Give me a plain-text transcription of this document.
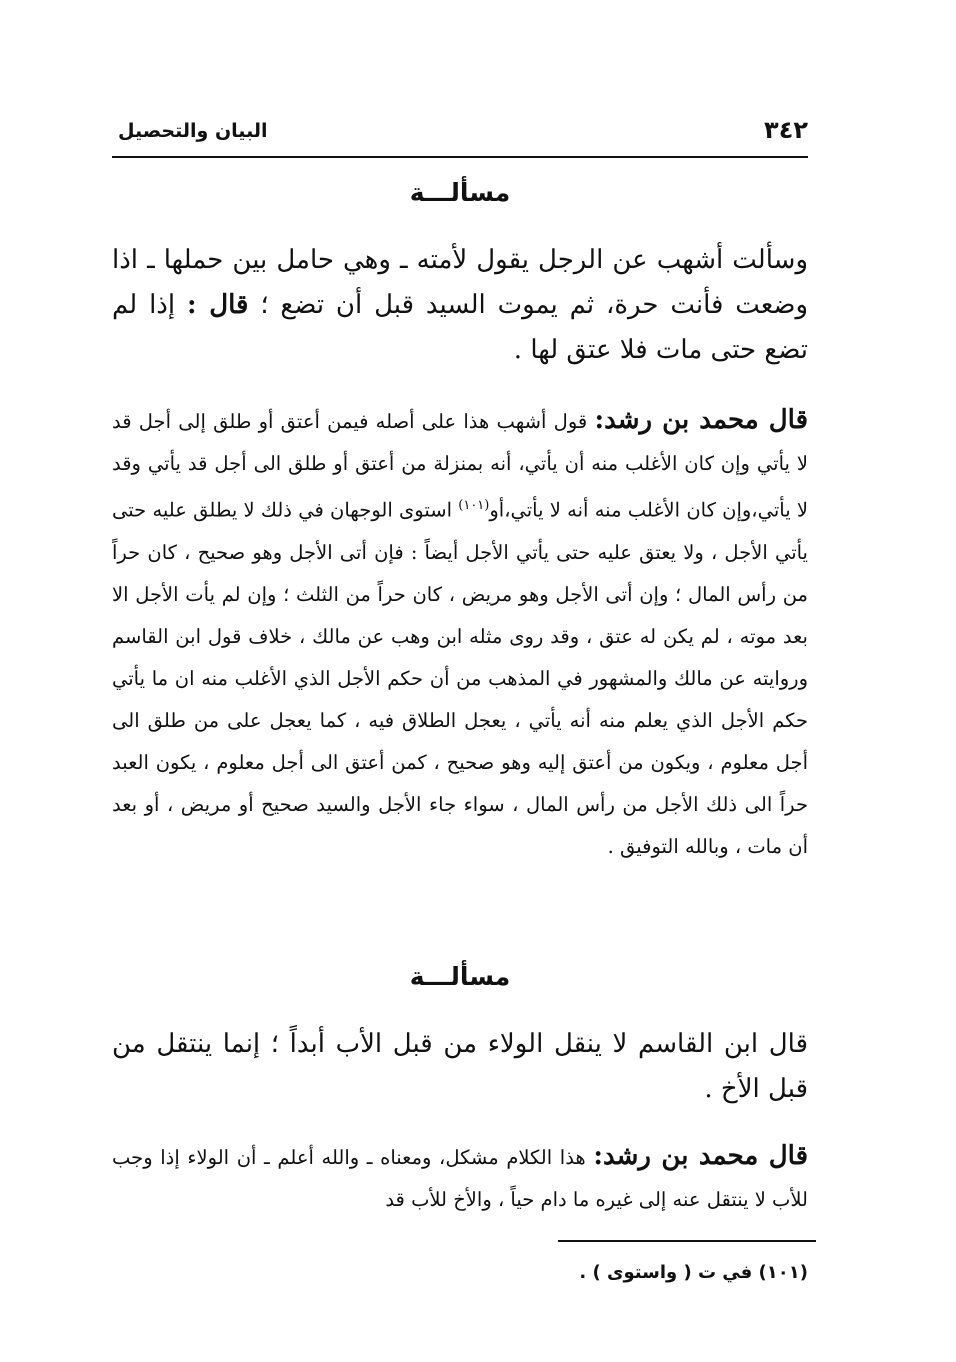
٣٤٢
البيان والتحصيل
مسألـــة
وسألت أشهب عن الرجل يقول لأمته ـ وهي حامل بين حملها ـ اذا وضعت فأنت حرة، ثم يموت السيد قبل أن تضع ؛ قال : إذا لم تضع حتى مات فلا عتق لها .
قال محمد بن رشد: قول أشهب هذا على أصله فيمن أعتق أو طلق إلى أجل قد لا يأتي وإن كان الأغلب منه أن يأتي، أنه بمنزلة من أعتق أو طلق الى أجل قد يأتي وقد لا يأتي،وإن كان الأغلب منه أنه لا يأتي،أو$^{(١٠١)}$ استوى الوجهان في ذلك لا يطلق عليه حتى يأتي الأجل ، ولا يعتق عليه حتى يأتي الأجل أيضاً : فإن أتى الأجل وهو صحيح ، كان حراً من رأس المال ؛ وإن أتى الأجل وهو مريض ، كان حراً من الثلث ؛ وإن لم يأت الأجل الا بعد موته ، لم يكن له عتق ، وقد روى مثله ابن وهب عن مالك ، خلاف قول ابن القاسم وروايته عن مالك والمشهور في المذهب من أن حكم الأجل الذي الأغلب منه ان ما يأتي حكم الأجل الذي يعلم منه أنه يأتي ، يعجل الطلاق فيه ، كما يعجل على من طلق الى أجل معلوم ، ويكون من أعتق إليه وهو صحيح ، كمن أعتق الى أجل معلوم ، يكون العبد حراً الى ذلك الأجل من رأس المال ، سواء جاء الأجل والسيد صحيح أو مريض ، أو بعد أن مات ، وبالله التوفيق .
مسألـــة
قال ابن القاسم لا ينقل الولاء من قبل الأب أبداً ؛ إنما ينتقل من قبل الأخ .
قال محمد بن رشد: هذا الكلام مشكل، ومعناه ـ والله أعلم ـ أن الولاء إذا وجب للأب لا ينتقل عنه إلى غيره ما دام حياً ، والأخ للأب قد
(١٠١) في ت ( واستوى ) .
